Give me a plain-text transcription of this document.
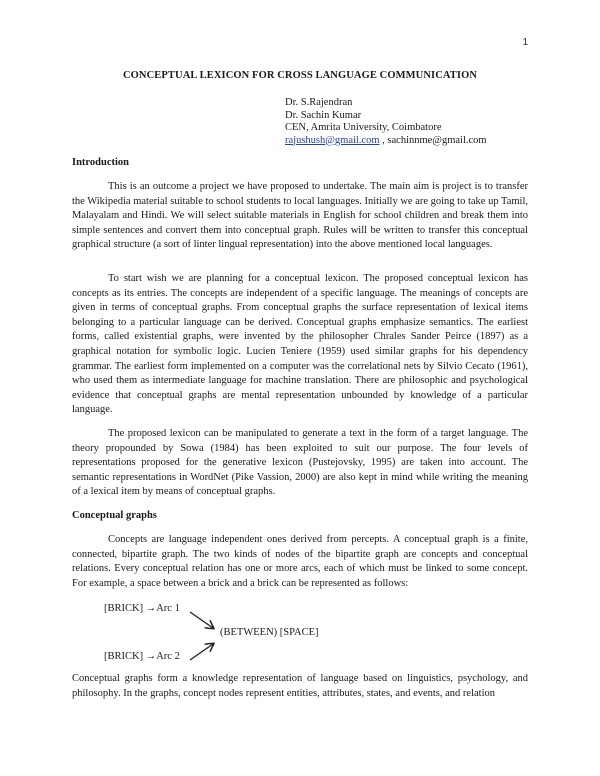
1
CONCEPTUAL LEXICON FOR CROSS LANGUAGE COMMUNICATION
Dr. S.Rajendran
Dr. Sachin Kumar
CEN, Amrita University, Coimbatore
rajushush@gmail.com , sachinnme@gmail.com
Introduction

This is an outcome a project we have proposed to undertake. The main aim is project is to transfer the Wikipedia material suitable to school students to local languages. Initially we are going to take up Tamil, Malayalam and Hindi. We will select suitable materials in English for school children and break them into simple sentences and convert them into conceptual graph. Rules will be written to transfer this conceptual graphical structure (a sort of linter lingual representation) into the above mentioned local languages.

To start wish we are planning for a conceptual lexicon. The proposed conceptual lexicon has concepts as its entries. The concepts are independent of a specific language. The meanings of concepts are given in terms of conceptual graphs. From conceptual graphs the surface representation of lexical items belonging to a particular language can be derived. Conceptual graphs emphasize semantics. The earliest forms, called existential graphs, were invented by the philosopher Chrales Sander Peirce (1897) as a graphical notation for symbolic logic. Lucien Teniere (1959) used similar graphs for his dependency grammar. The earliest form implemented on a computer was the correlational nets by Silvio Cecato (1961), who used them as intermediate language for machine translation. There are philosophic and psychological evidence that conceptual graphs are mental representation unbounded by knowledge of a particular language.

The proposed lexicon can be manipulated to generate a text in the form of a target language. The theory propounded by Sowa (1984) has been exploited to suit our purpose. The four levels of representations proposed for the generative lexicon (Pustejovsky, 1995) are taken into account. The semantic representations in WordNet (Pike Vassion, 2000) are also kept in mind while writing the meaning of a lexical item by means of conceptual graphs.

Conceptual graphs

Concepts are language independent ones derived from percepts. A conceptual graph is a finite, connected, bipartite graph. The two kinds of nodes of the bipartite graph are concepts and conceptual relations. Every conceptual relation has one or more arcs, each of which must be linked to some concept. For example, a space between a brick and a brick can be represented as follows:

[BRICK] →Arc 1
(BETWEEN) [SPACE]
[BRICK] →Arc 2

Conceptual graphs form a knowledge representation of language based on linguistics, psychology, and philosophy. In the graphs, concept nodes represent entities, attributes, states, and events, and relation
